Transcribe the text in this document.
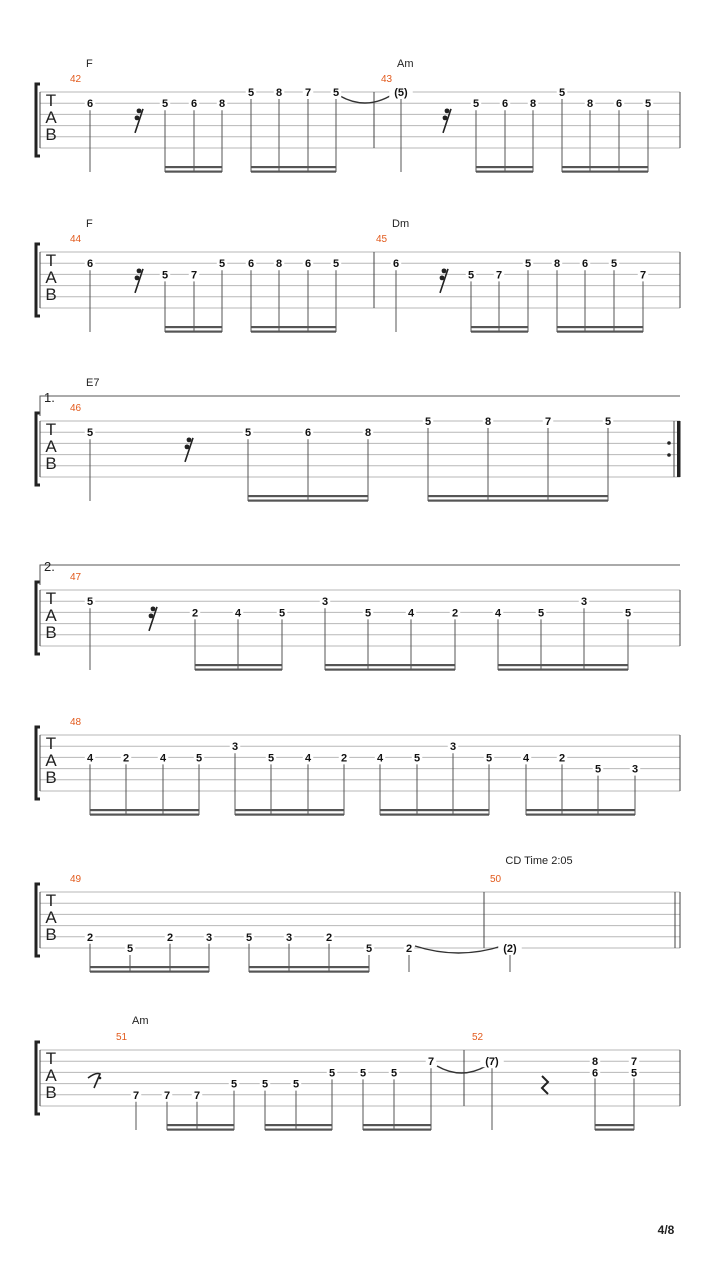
4/8
T
A
B
42
F
6	5 6 8
5 8 7 5
43
Am
(5)
5 6 8
5
8 6 5
T
A
B
44
F
6
5 7
5 6 8 6 5
45
Dm
6
5 7
5 8 6 5
7
T
A
B
1.
46
E7
5	5	6	8
5	8	7	5
T
A
B
2.
47
5
2	4	5
3
5	4	2	4	5
3
5
T
A
B
48
4	2	4	5
3
5	4	2	4	5
3
5	4	2
5	3
T
A
B
CD Time 2:05
49
2
5
2	3	5	3	2
5	2
50
(2)
T
A
B
51
Am
7 7 7
5 5 5
5 5 5
7
52
(7)	8
6
7
5
